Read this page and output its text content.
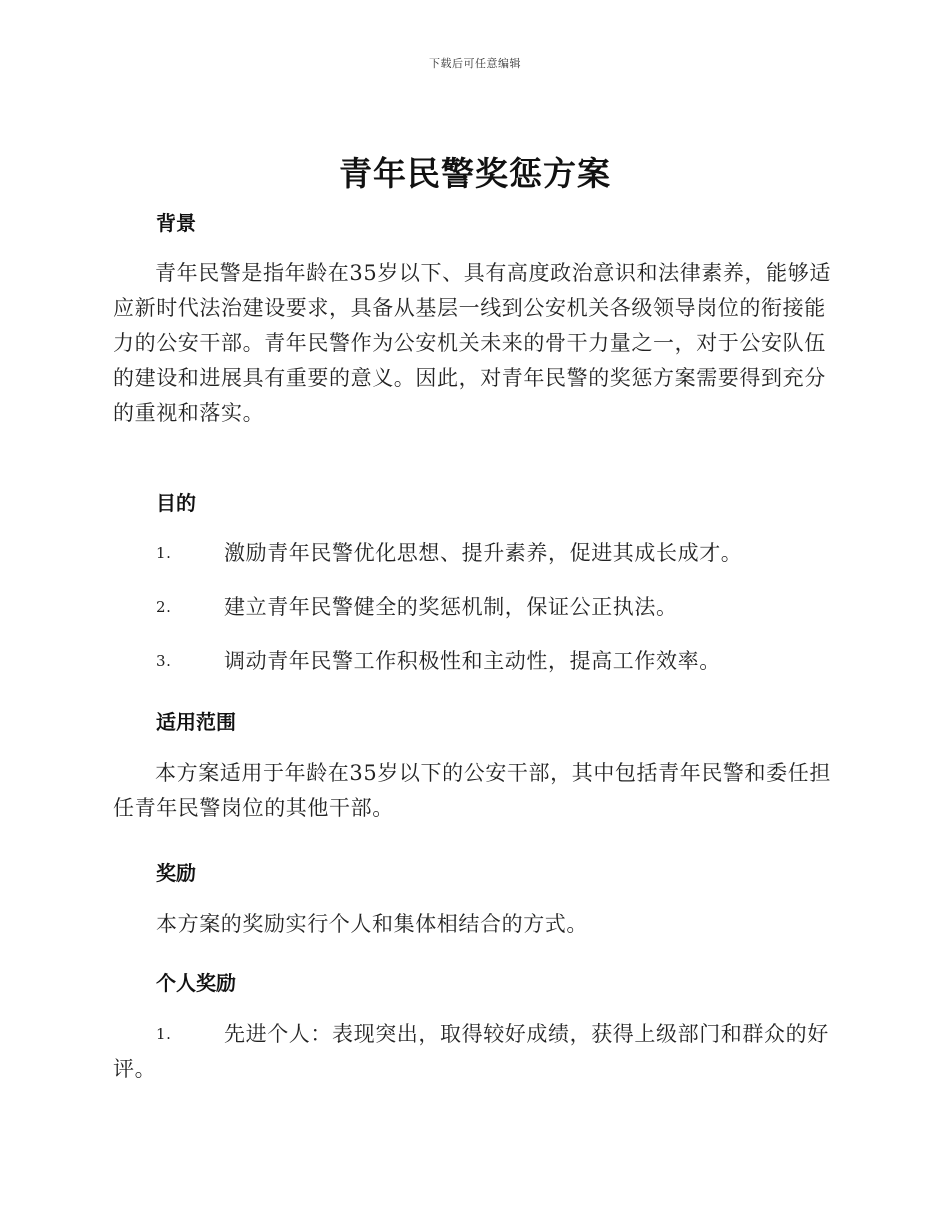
下载后可任意编辑
青年民警奖惩方案
背景
青年民警是指年龄在35岁以下、具有高度政治意识和法律素养，能够适应新时代法治建设要求，具备从基层一线到公安机关各级领导岗位的衔接能力的公安干部。青年民警作为公安机关未来的骨干力量之一，对于公安队伍的建设和进展具有重要的意义。因此，对青年民警的奖惩方案需要得到充分的重视和落实。
目的
1.	激励青年民警优化思想、提升素养，促进其成长成才。
2.	建立青年民警健全的奖惩机制，保证公正执法。
3.	调动青年民警工作积极性和主动性，提高工作效率。
适用范围
本方案适用于年龄在35岁以下的公安干部，其中包括青年民警和委任担任青年民警岗位的其他干部。
奖励
本方案的奖励实行个人和集体相结合的方式。
个人奖励
1.	先进个人：表现突出，取得较好成绩，获得上级部门和群众的好评。
